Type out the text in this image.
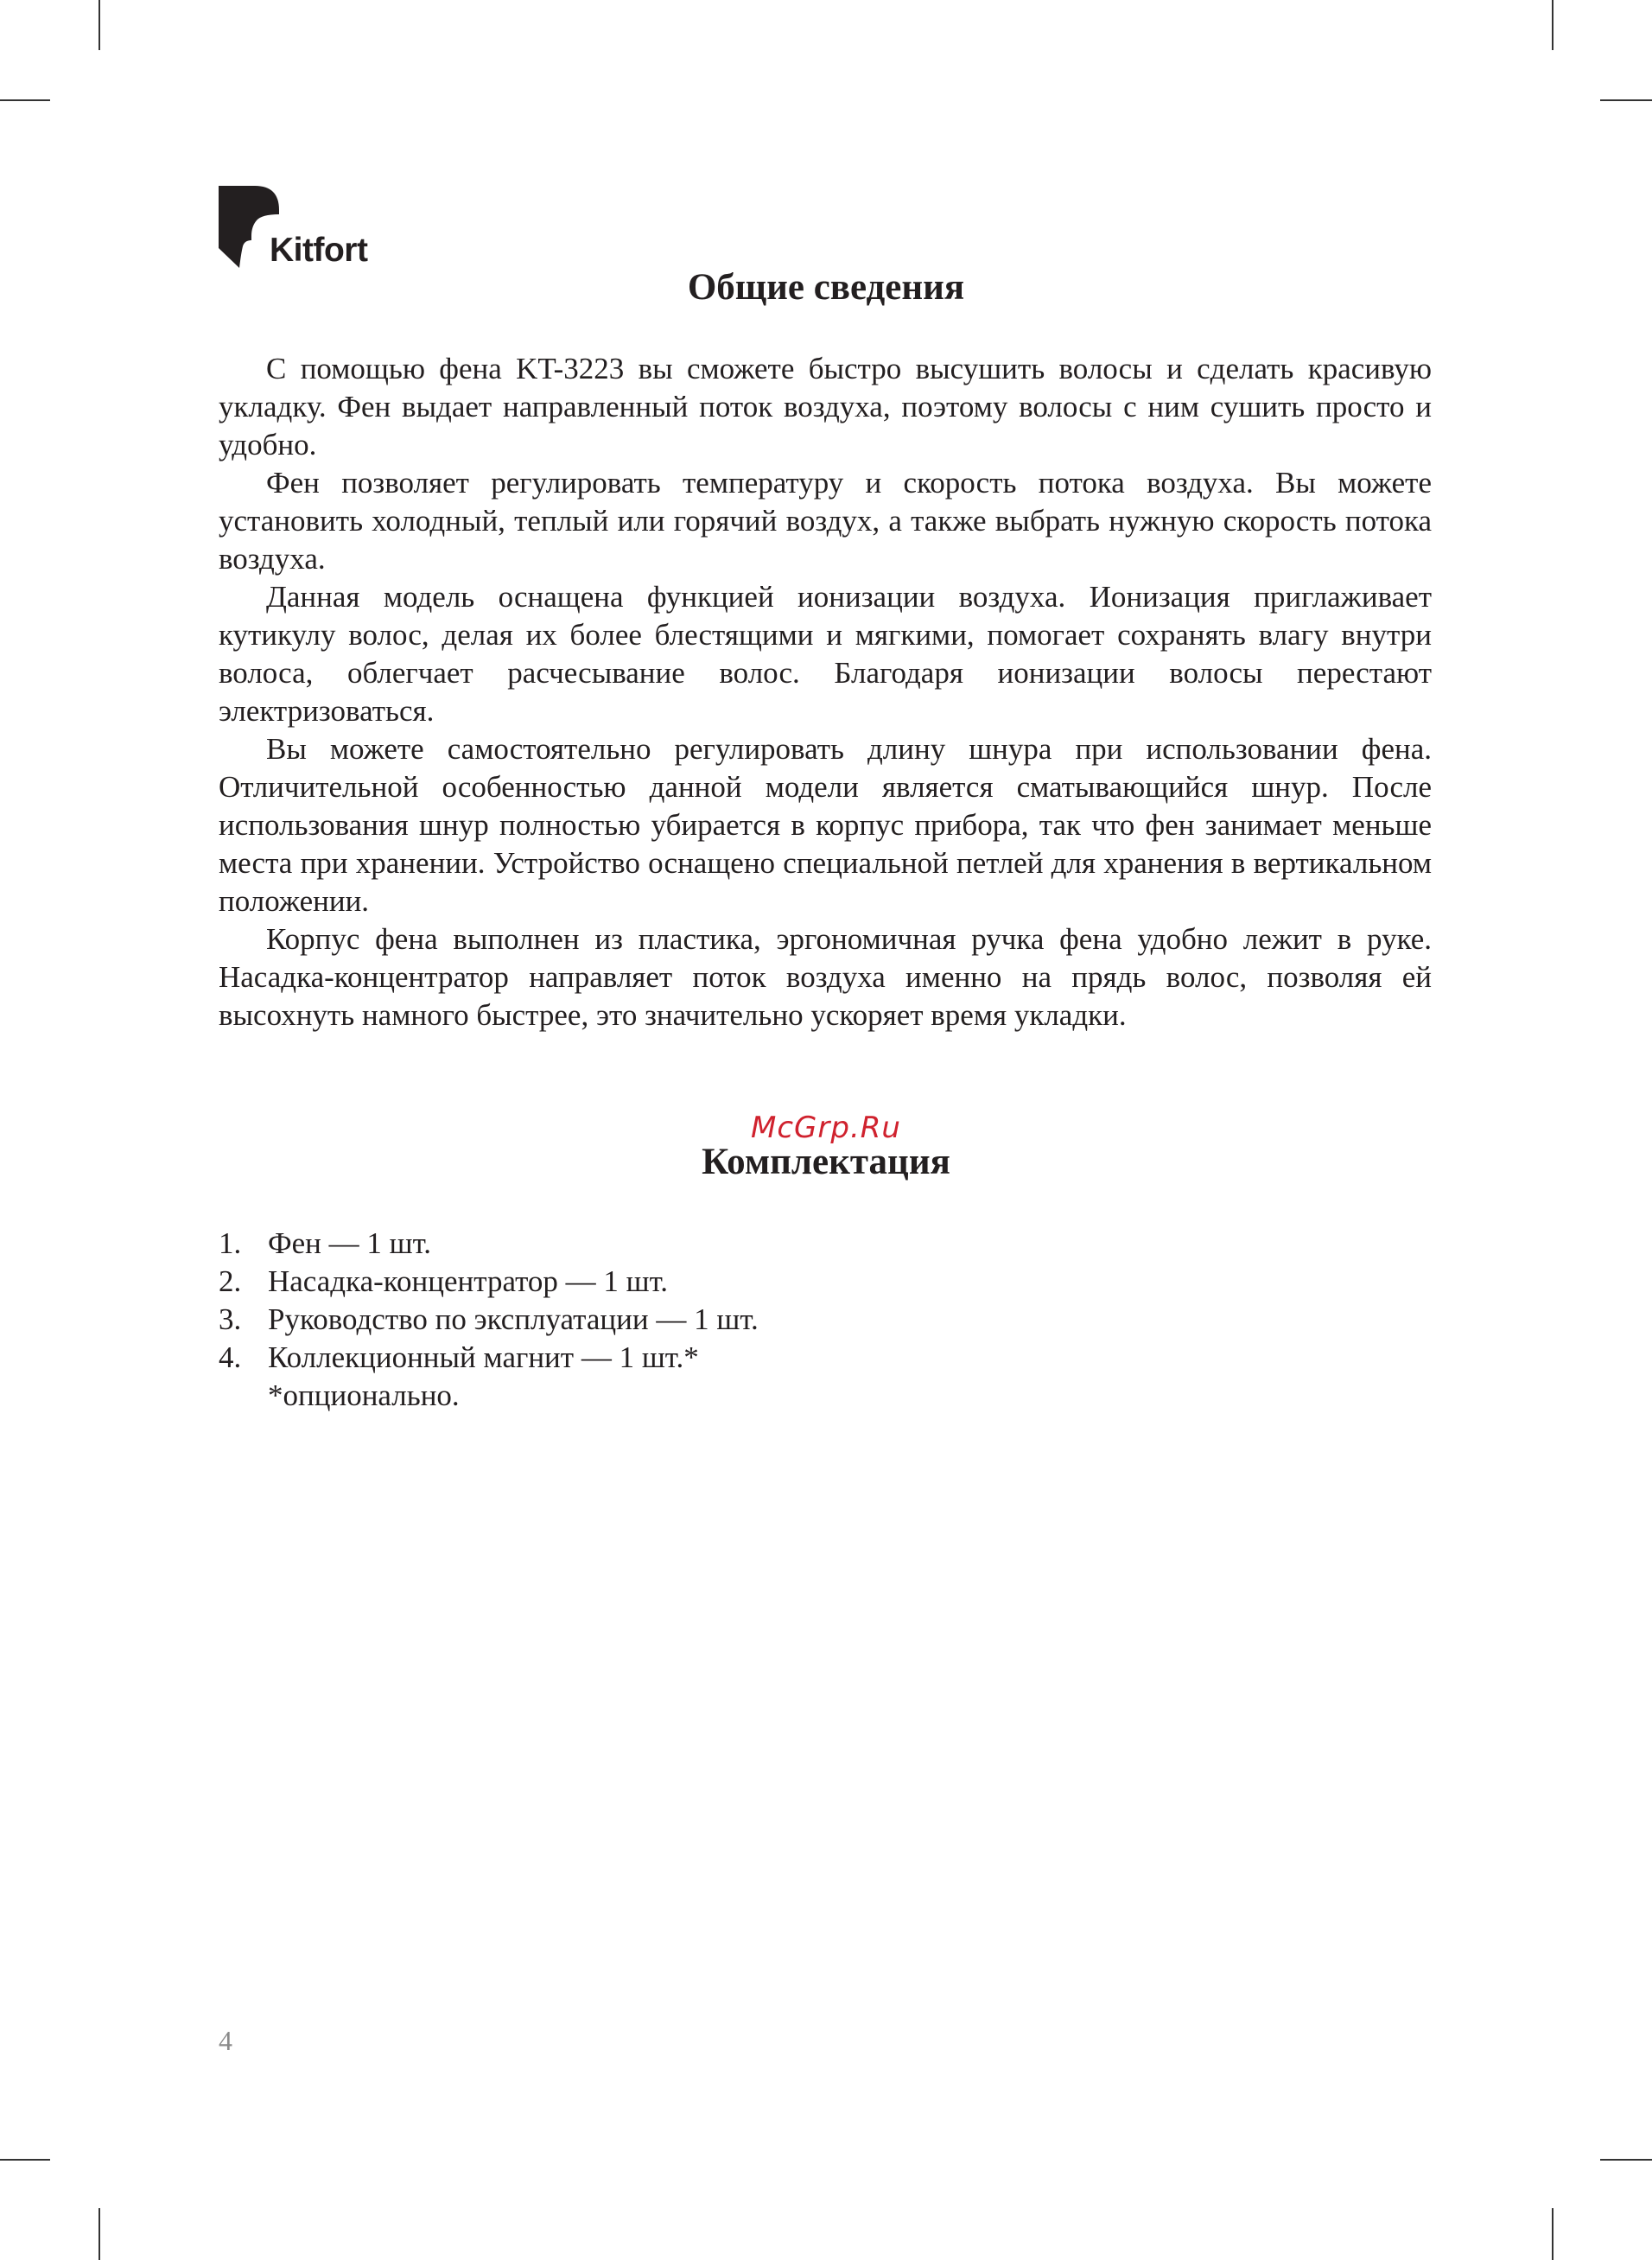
Kitfort
Общие сведения

С помощью фена KT-3223 вы сможете быстро высушить волосы и сделать красивую укладку. Фен выдает направленный поток воздуха, поэтому волосы с ним сушить просто и удобно.

Фен позволяет регулировать температуру и скорость потока воздуха. Вы можете установить холодный, теплый или горячий воздух, а также выбрать нужную скорость потока воздуха.

Данная модель оснащена функцией ионизации воздуха. Ионизация приглаживает кутикулу волос, делая их более блестящими и мягкими, помогает сохранять влагу внутри волоса, облегчает расчесывание волос. Благодаря ионизации волосы перестают электризоваться.

Вы можете самостоятельно регулировать длину шнура при использовании фена. Отличительной особенностью данной модели является сматывающийся шнур. После использования шнур полностью убирается в корпус прибора, так что фен занимает меньше места при хранении. Устройство оснащено специальной петлей для хранения в вертикальном положении.

Корпус фена выполнен из пластика, эргономичная ручка фена удобно лежит в руке. Насадка-концентратор направляет поток воздуха именно на прядь волос, позволяя ей высохнуть намного быстрее, это значительно ускоряет время укладки.

McGrp.Ru
Комплектация
1. Фен — 1 шт.
2. Насадка-концентратор — 1 шт.
3. Руководство по эксплуатации — 1 шт.
4. Коллекционный магнит — 1 шт.*
*опционально.
4
